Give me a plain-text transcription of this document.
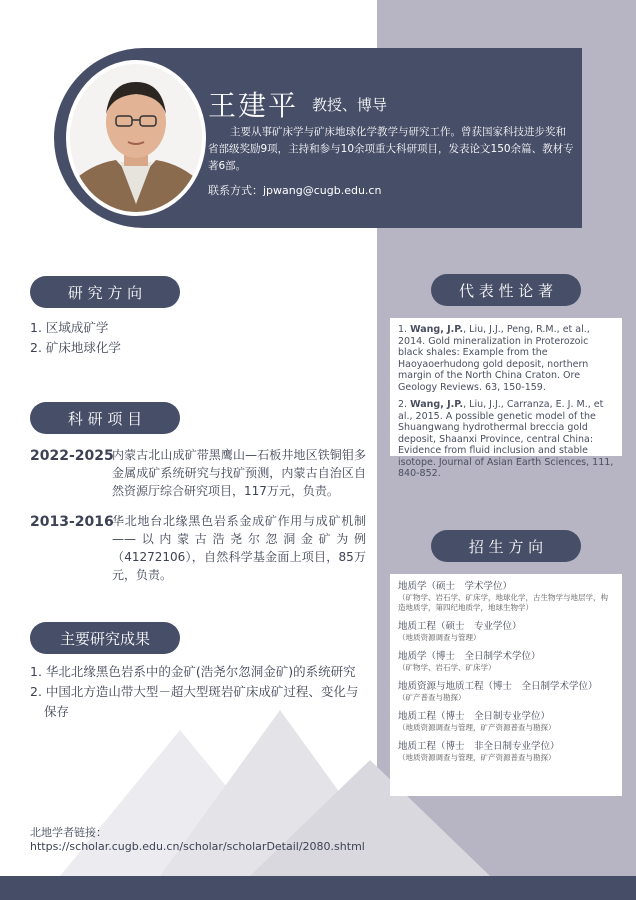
王建平 教授、博导
主要从事矿床学与矿床地球化学教学与研究工作。曾获国家科技进步奖和省部级奖励9项，主持和参与10余项重大科研项目，发表论文150余篇、教材专著6部。
联系方式：jpwang@cugb.edu.cn
研 究 方 向
1. 区域成矿学
2. 矿床地球化学
科 研 项 目
2022-2025
内蒙古北山成矿带黑鹰山—石板井地区铁铜钼多金属成矿系统研究与找矿预测，内蒙古自治区自然资源厅综合研究项目，117万元，负责。
2013-2016
华北地台北缘黑色岩系金成矿作用与成矿机制——以内蒙古浩尧尔忽洞金矿为例（41272106），自然科学基金面上项目，85万元，负责。
主要研究成果
1. 华北北缘黑色岩系中的金矿(浩尧尔忽洞金矿)的系统研究
2. 中国北方造山带大型－超大型斑岩矿床成矿过程、变化与保存
代 表 性 论 著

1. Wang, J.P., Liu, J.J., Peng, R.M., et al., 2014. Gold mineralization in Proterozoic black shales: Example from the Haoyaoerhudong gold deposit, northern margin of the North China Craton. Ore Geology Reviews. 63, 150-159.

2. Wang, J.P., Liu, J.J., Carranza, E. J. M., et al., 2015. A possible genetic model of the Shuangwang hydrothermal breccia gold deposit, Shaanxi Province, central China: Evidence from fluid inclusion and stable isotope. Journal of Asian Earth Sciences, 111, 840-852.

招 生 方 向
地质学（硕士　学术学位）
（矿物学、岩石学、矿床学，地球化学，古生物学与地层学，构造地质学，第四纪地质学，地球生物学）
地质工程（硕士　专业学位）
（地质资源调查与管理）
地质学（博士　全日制学术学位）
（矿物学、岩石学、矿床学）
地质资源与地质工程（博士　全日制学术学位）
（矿产普查与勘探）
地质工程（博士　全日制专业学位）
（地质资源调查与管理，矿产资源普查与勘探）
地质工程（博士　非全日制专业学位）
（地质资源调查与管理，矿产资源普查与勘探）
北地学者链接：
https://scholar.cugb.edu.cn/scholar/scholarDetail/2080.shtml
